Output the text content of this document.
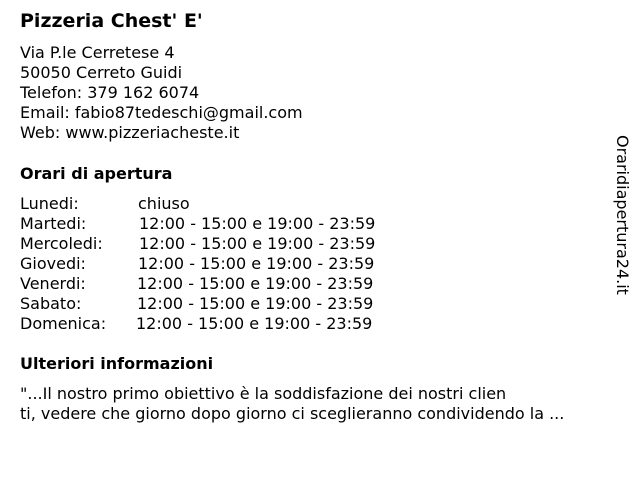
Pizzeria Chest' E'
Via P.le Cerretese 4
50050 Cerreto Guidi
Telefon: 379 162 6074
Email: fabio87tedeschi@gmail.com
Web: www.pizzeriacheste.it
Orari di apertura
Lunedi:	chiuso
Martedi:	12:00 - 15:00 e 19:00 - 23:59
Mercoledi: 12:00 - 15:00 e 19:00 - 23:59
Giovedi:	12:00 - 15:00 e 19:00 - 23:59
Venerdi:	12:00 - 15:00 e 19:00 - 23:59
Sabato:	12:00 - 15:00 e 19:00 - 23:59
Domenica: 12:00 - 15:00 e 19:00 - 23:59
Ulteriori informazioni
"...Il nostro primo obiettivo è la soddisfazione dei nostri clien
ti, vedere che giorno dopo giorno ci sceglieranno condividendo la ...
Oraridiapertura24.it
